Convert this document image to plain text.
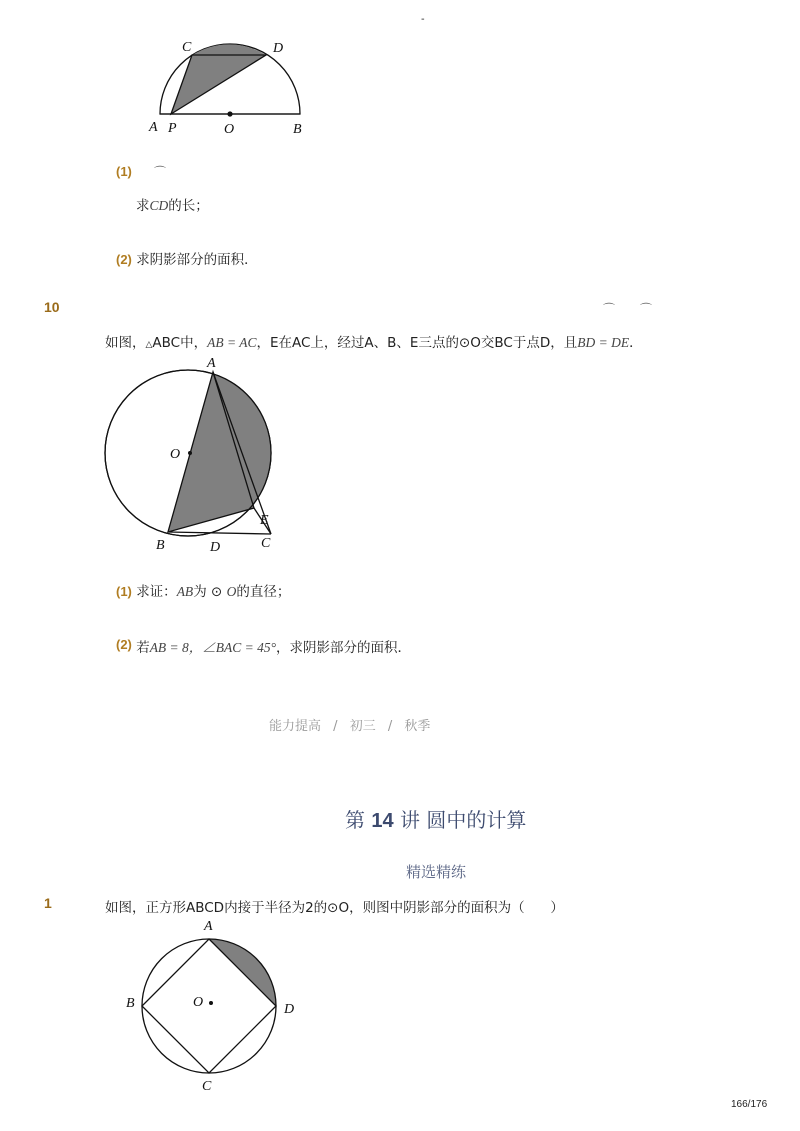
-
C	D
A P	O	B
(1) ⌒
求CD的长；
(2) 求阴影部分的面积．
10	⌒ ⌒
如图，△ABC中，AB = AC，E在AC上，经过A、B、E三点的⊙O交BC于点D，且BD = DE．
A
O
E
B	D	C
(1) 求证：AB为 ⊙ O的直径；
(2) 若AB = 8，∠BAC = 45°，求阴影部分的面积．
能力提高 / 初三 / 秋季
第 14 讲 圆中的计算
精选精练
1	如图，正方形ABCD内接于半径为2的⊙O，则图中阴影部分的面积为（      ）
A
B	O	D
C
166/176
